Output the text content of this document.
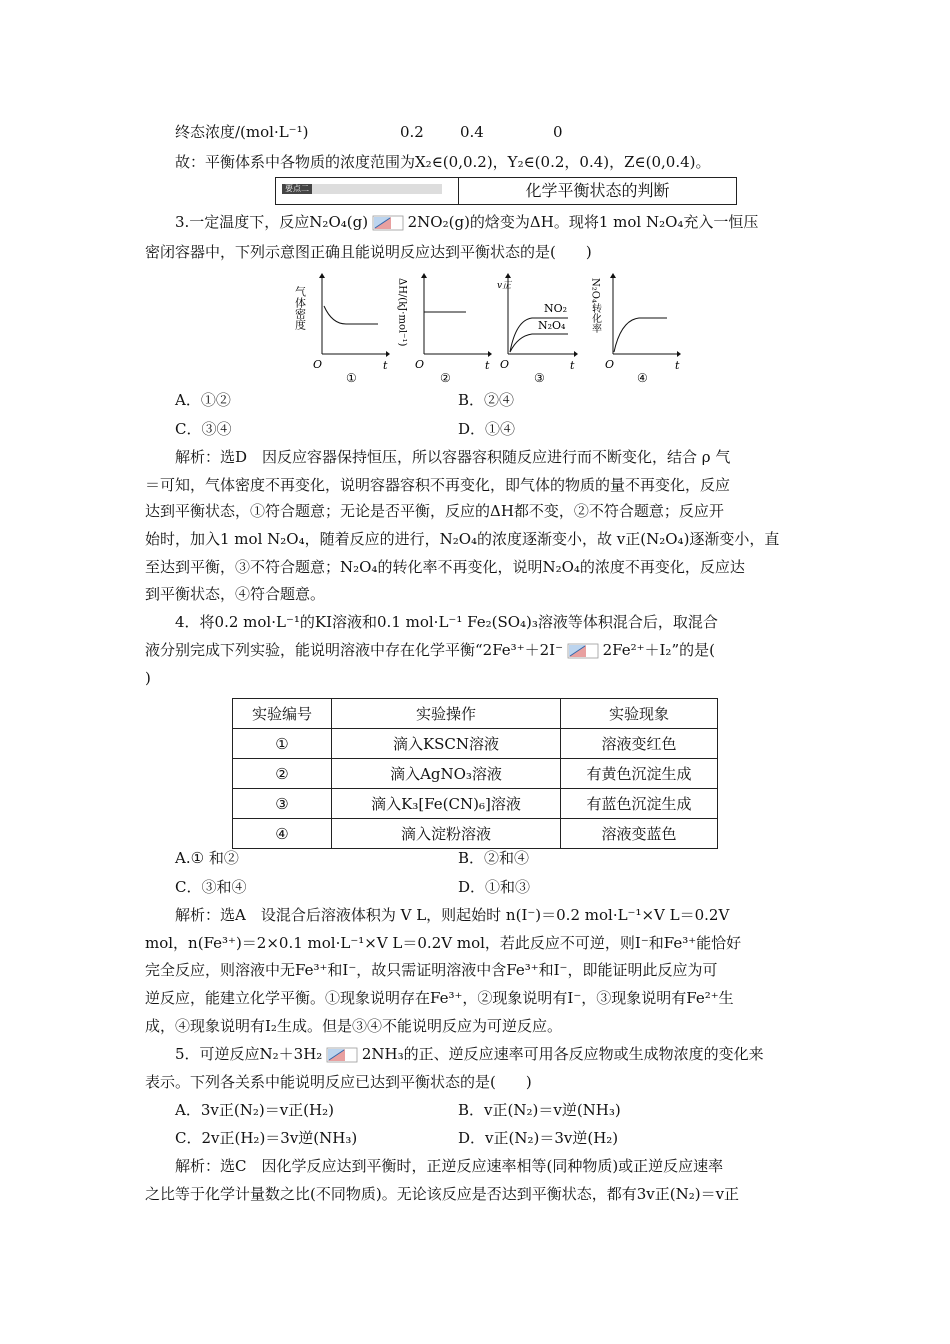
终态浓度/(mol·L⁻¹)	0.2 0.4	0
故：平衡体系中各物质的浓度范围为X₂∈(0,0.2)，Y₂∈(0.2，0.4)，Z∈(0,0.4)。
要点二	化学平衡状态的判断
3.一定温度下，反应N₂O₄(g)	2NO₂(g)的焓变为ΔH。现将1 mol N₂O₄充入一恒压
密闭容器中，下列示意图正确且能说明反应达到平衡状态的是(　　)
气体密度
O	t
①
ΔH/(kJ·mol⁻¹)
O	t
②
v正
NO₂
N₂O₄
O	t
③
N₂O₄转化率
O	t
④
A．①②	B．②④
C．③④	D．①④
解析：选D　因反应容器保持恒压，所以容器容积随反应进行而不断变化，结合 ρ 气
＝可知，气体密度不再变化，说明容器容积不再变化，即气体的物质的量不再变化，反应
达到平衡状态，①符合题意；无论是否平衡，反应的ΔH都不变，②不符合题意；反应开
始时，加入1 mol N₂O₄，随着反应的进行，N₂O₄的浓度逐渐变小，故 v正(N₂O₄)逐渐变小，直
至达到平衡，③不符合题意；N₂O₄的转化率不再变化，说明N₂O₄的浓度不再变化，反应达
到平衡状态，④符合题意。
4．将0.2 mol·L⁻¹的KI溶液和0.1 mol·L⁻¹ Fe₂(SO₄)₃溶液等体积混合后，取混合
液分别完成下列实验，能说明溶液中存在化学平衡“2Fe³⁺＋2I⁻	2Fe²⁺＋I₂”的是(
)
实验编号	实验操作	实验现象
①	滴入KSCN溶液	溶液变红色
②	滴入AgNO₃溶液	有黄色沉淀生成
③	滴入K₃[Fe(CN)₆]溶液	有蓝色沉淀生成
④	滴入淀粉溶液	溶液变蓝色
A.① 和②	B．②和④
C．③和④	D．①和③
解析：选A　设混合后溶液体积为 V L，则起始时 n(I⁻)＝0.2 mol·L⁻¹×V L＝0.2V
mol，n(Fe³⁺)＝2×0.1 mol·L⁻¹×V L＝0.2V mol，若此反应不可逆，则I⁻和Fe³⁺能恰好
完全反应，则溶液中无Fe³⁺和I⁻，故只需证明溶液中含Fe³⁺和I⁻，即能证明此反应为可
逆反应，能建立化学平衡。①现象说明存在Fe³⁺，②现象说明有I⁻，③现象说明有Fe²⁺生
成，④现象说明有I₂生成。但是③④不能说明反应为可逆反应。
5．可逆反应N₂＋3H₂	2NH₃的正、逆反应速率可用各反应物或生成物浓度的变化来
表示。下列各关系中能说明反应已达到平衡状态的是(　　)
A．3v正(N₂)＝v正(H₂)	B．v正(N₂)＝v逆(NH₃)
C．2v正(H₂)＝3v逆(NH₃)	D．v正(N₂)＝3v逆(H₂)
解析：选C　因化学反应达到平衡时，正逆反应速率相等(同种物质)或正逆反应速率
之比等于化学计量数之比(不同物质)。无论该反应是否达到平衡状态，都有3v正(N₂)＝v正
